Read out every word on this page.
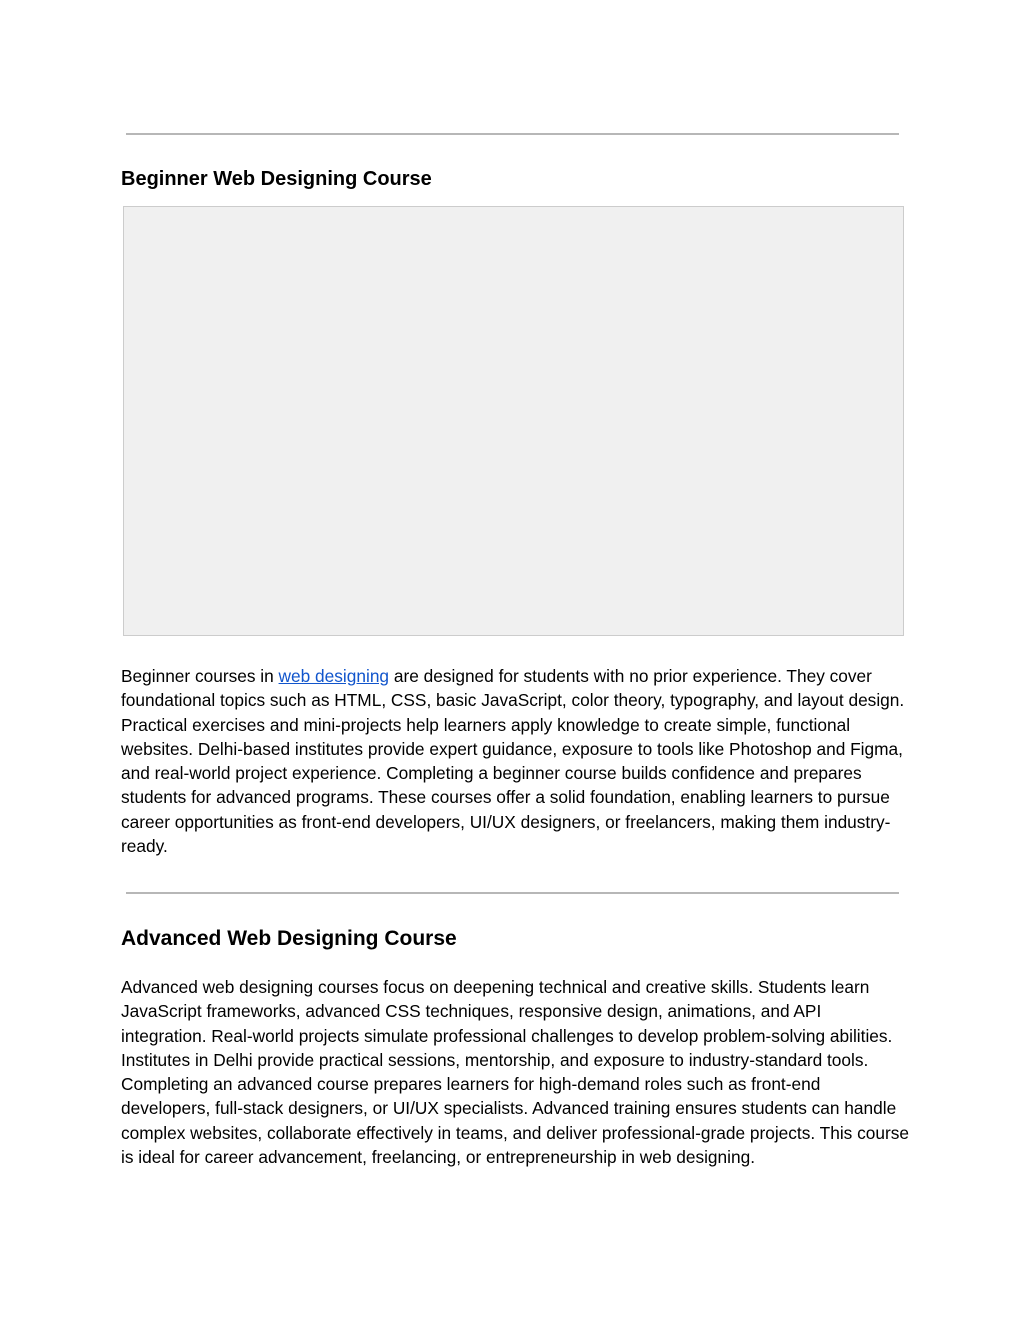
Beginner Web Designing Course

Beginner courses in web designing are designed for students with no prior experience. They cover foundational topics such as HTML, CSS, basic JavaScript, color theory, typography, and layout design. Practical exercises and mini-projects help learners apply knowledge to create simple, functional websites. Delhi-based institutes provide expert guidance, exposure to tools like Photoshop and Figma, and real-world project experience. Completing a beginner course builds confidence and prepares students for advanced programs. These courses offer a solid foundation, enabling learners to pursue career opportunities as front-end developers, UI/UX designers, or freelancers, making them industry-ready.

Advanced Web Designing Course

Advanced web designing courses focus on deepening technical and creative skills. Students learn JavaScript frameworks, advanced CSS techniques, responsive design, animations, and API integration. Real-world projects simulate professional challenges to develop problem-solving abilities. Institutes in Delhi provide practical sessions, mentorship, and exposure to industry-standard tools. Completing an advanced course prepares learners for high-demand roles such as front-end developers, full-stack designers, or UI/UX specialists. Advanced training ensures students can handle complex websites, collaborate effectively in teams, and deliver professional-grade projects. This course is ideal for career advancement, freelancing, or entrepreneurship in web designing.
